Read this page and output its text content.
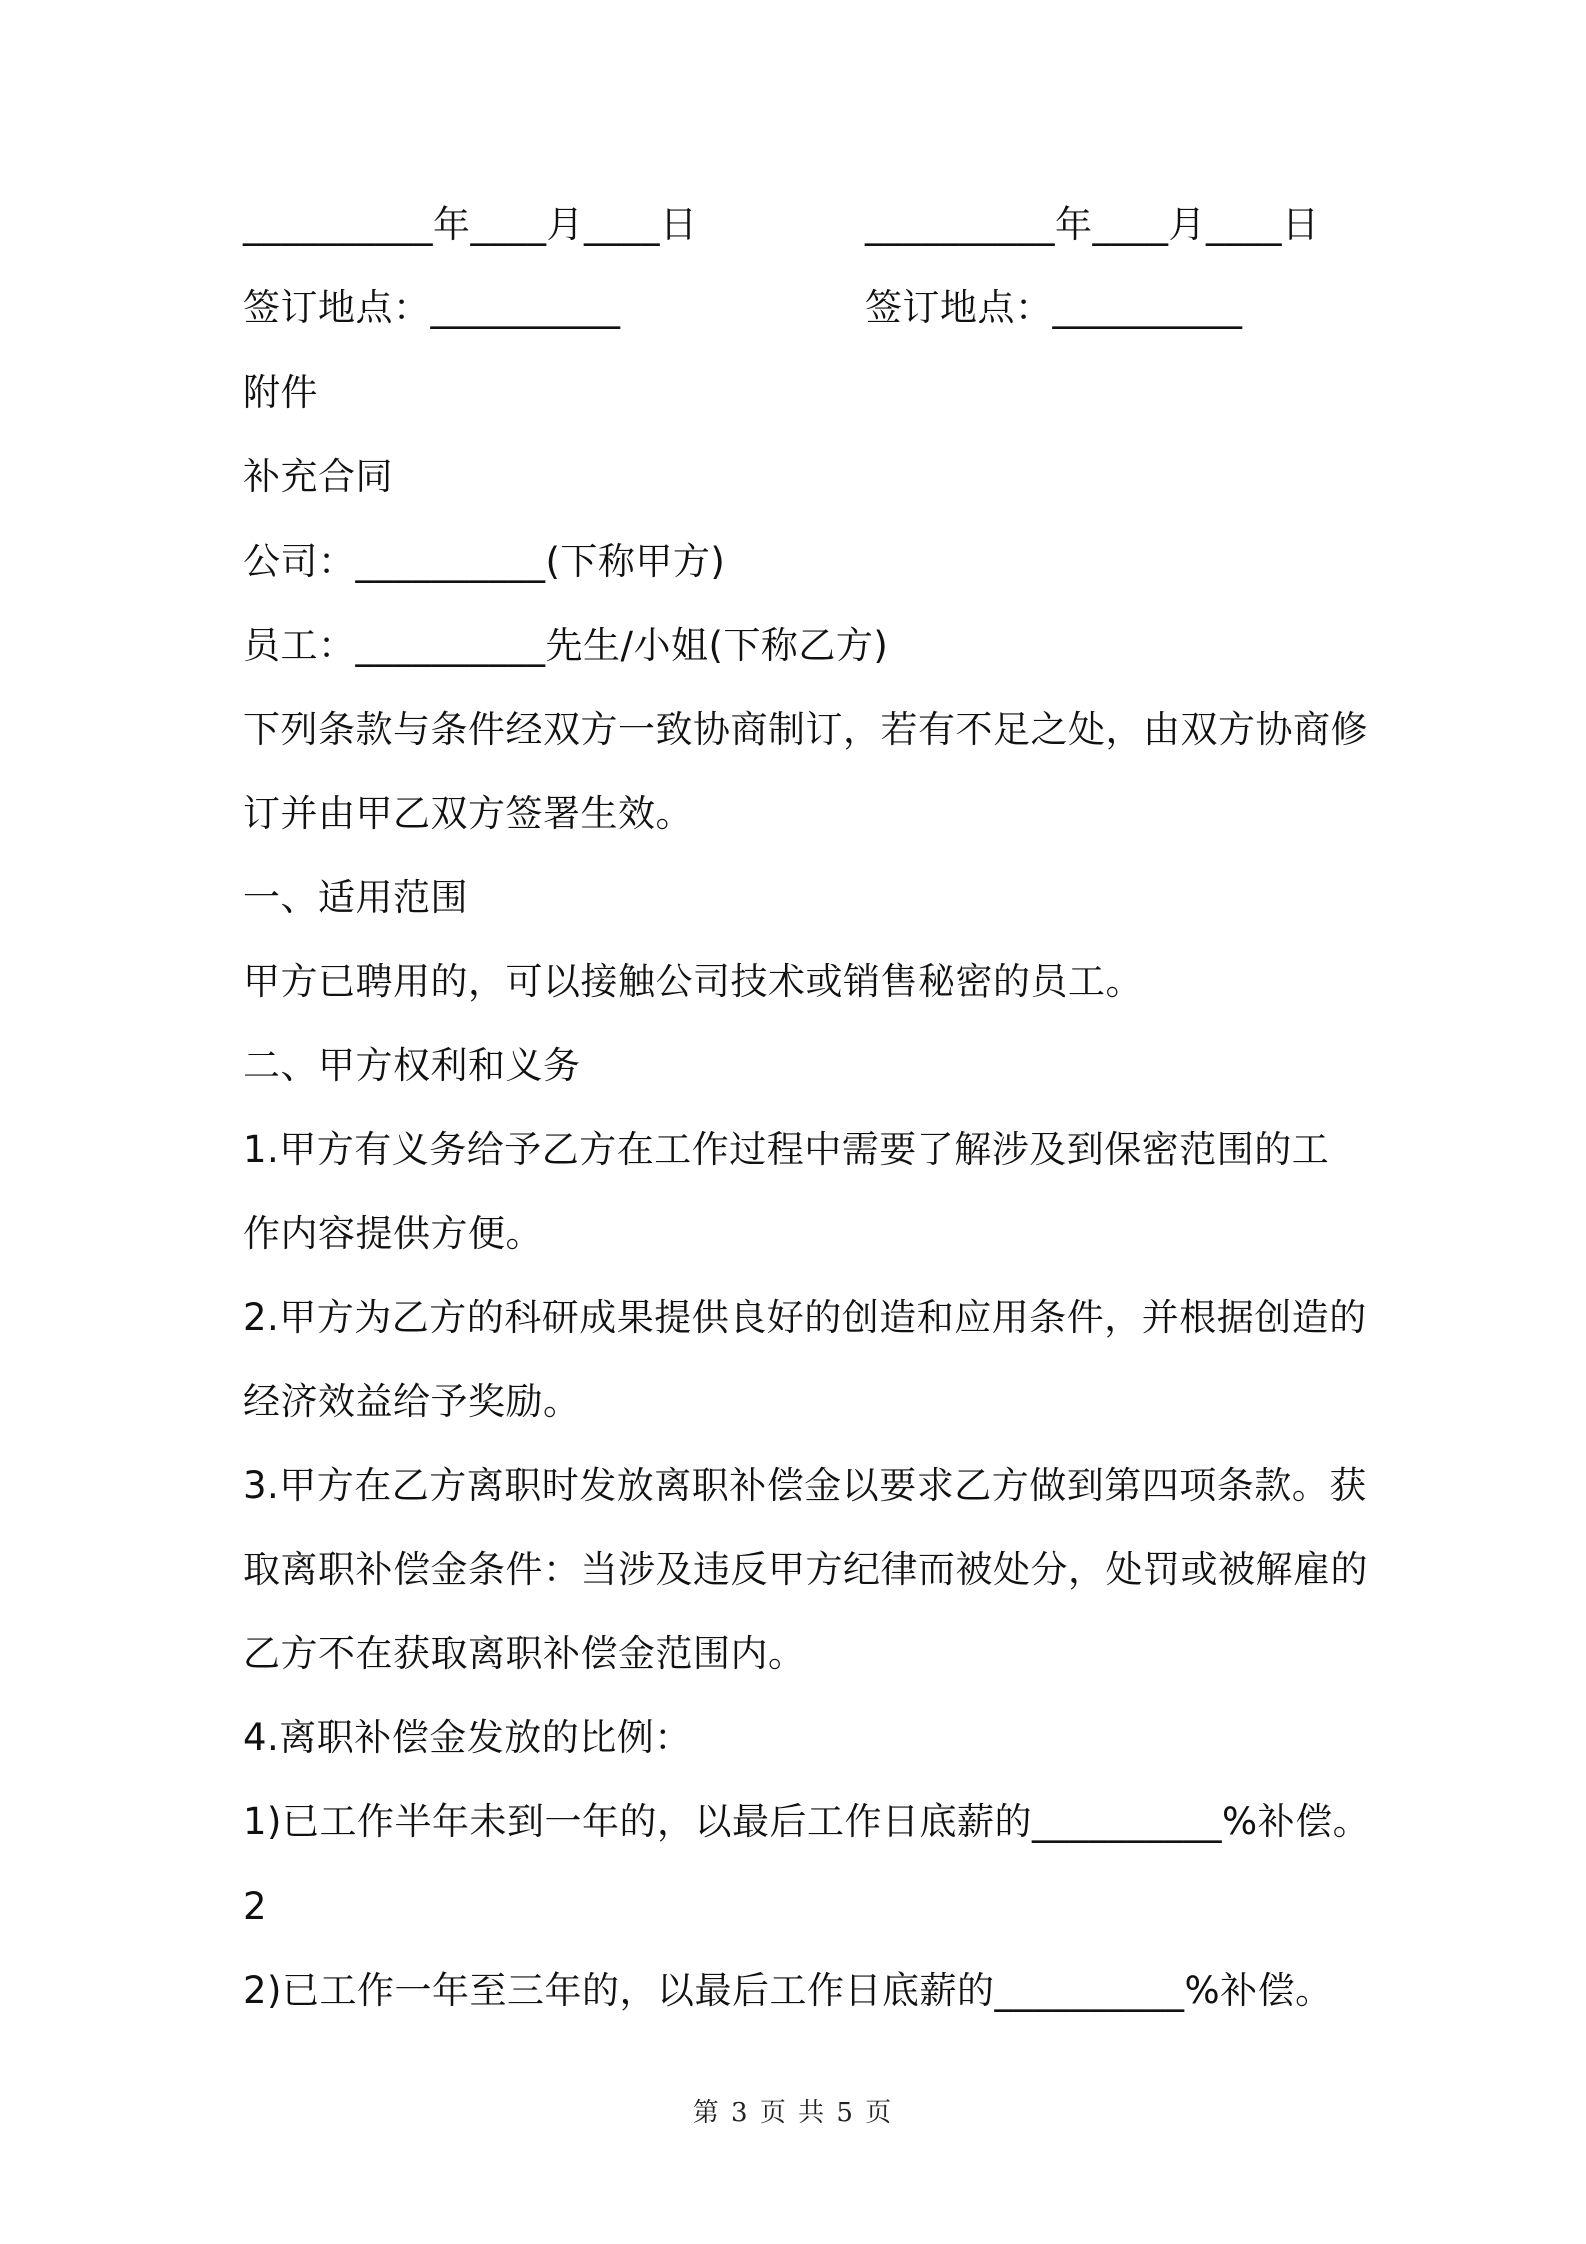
__________年____月____日	__________年____月____日
签订地点：__________	签订地点：__________
附件
补充合同
公司：__________(下称甲方)
员工：__________先生/小姐(下称乙方)
下列条款与条件经双方一致协商制订，若有不足之处，由双方协商修
订并由甲乙双方签署生效。
一、适用范围
甲方已聘用的，可以接触公司技术或销售秘密的员工。
二、甲方权利和义务
1.甲方有义务给予乙方在工作过程中需要了解涉及到保密范围的工
作内容提供方便。
2.甲方为乙方的科研成果提供良好的创造和应用条件，并根据创造的
经济效益给予奖励。
3.甲方在乙方离职时发放离职补偿金以要求乙方做到第四项条款。获
取离职补偿金条件：当涉及违反甲方纪律而被处分，处罚或被解雇的
乙方不在获取离职补偿金范围内。
4.离职补偿金发放的比例：
1)已工作半年未到一年的，以最后工作日底薪的__________%补偿。
2
2)已工作一年至三年的，以最后工作日底薪的__________%补偿。
第 3 页 共 5 页
